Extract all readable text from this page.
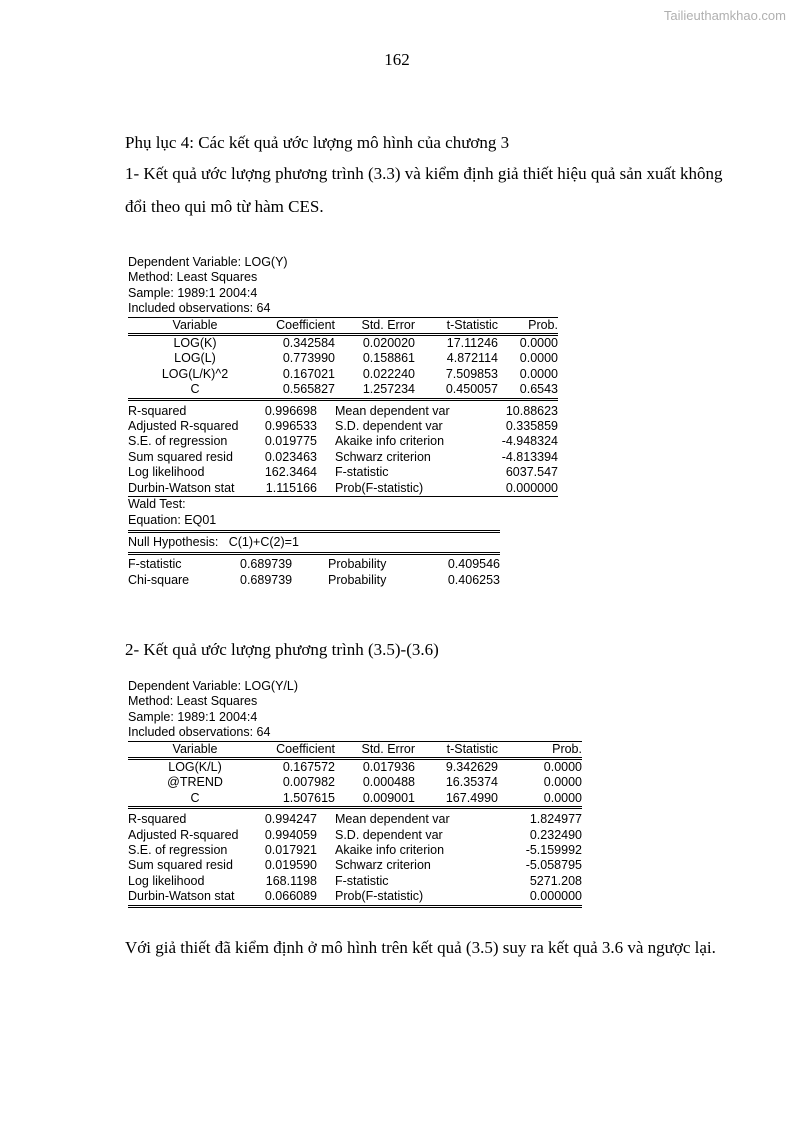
Tailieuthamkhao.com
162
Phụ lục 4: Các kết quả ước lượng mô hình của chương 3
1- Kết quả ước lượng phương trình (3.3) và kiểm định giả thiết hiệu quả sản xuất không đổi theo qui mô từ hàm CES.
Dependent Variable: LOG(Y)
Method: Least Squares
Sample: 1989:1 2004:4
Included observations: 64
Variable	Coefficient	Std. Error	t-Statistic	Prob.
LOG(K)	0.342584	0.020020	17.11246	0.0000
LOG(L)	0.773990	0.158861	4.872114	0.0000
LOG(L/K)^2	0.167021	0.022240	7.509853	0.0000
C	0.565827	1.257234	0.450057	0.6543
R-squared	0.996698	Mean dependent var		10.88623
Adjusted R-squared	0.996533	S.D. dependent var		0.335859
S.E. of regression	0.019775	Akaike info criterion		-4.948324
Sum squared resid	0.023463	Schwarz criterion		-4.813394
Log likelihood	162.3464	F-statistic		6037.547
Durbin-Watson stat	1.115166	Prob(F-statistic)		0.000000
Wald Test:
Equation: EQ01
Null Hypothesis:   C(1)+C(2)=1
F-statistic	0.689739	Probability	0.409546
Chi-square	0.689739	Probability	0.406253
2- Kết quả ước lượng phương trình (3.5)-(3.6)
Dependent Variable: LOG(Y/L)
Method: Least Squares
Sample: 1989:1 2004:4
Included observations: 64
Variable	Coefficient	Std. Error	t-Statistic	Prob.
LOG(K/L)	0.167572	0.017936	9.342629	0.0000
@TREND	0.007982	0.000488	16.35374	0.0000
C	1.507615	0.009001	167.4990	0.0000
R-squared	0.994247	Mean dependent var		1.824977
Adjusted R-squared	0.994059	S.D. dependent var		0.232490
S.E. of regression	0.017921	Akaike info criterion		-5.159992
Sum squared resid	0.019590	Schwarz criterion		-5.058795
Log likelihood	168.1198	F-statistic		5271.208
Durbin-Watson stat	0.066089	Prob(F-statistic)		0.000000
Với giả thiết đã kiểm định ở mô hình trên kết quả (3.5) suy ra kết quả 3.6 và ngược lại.
